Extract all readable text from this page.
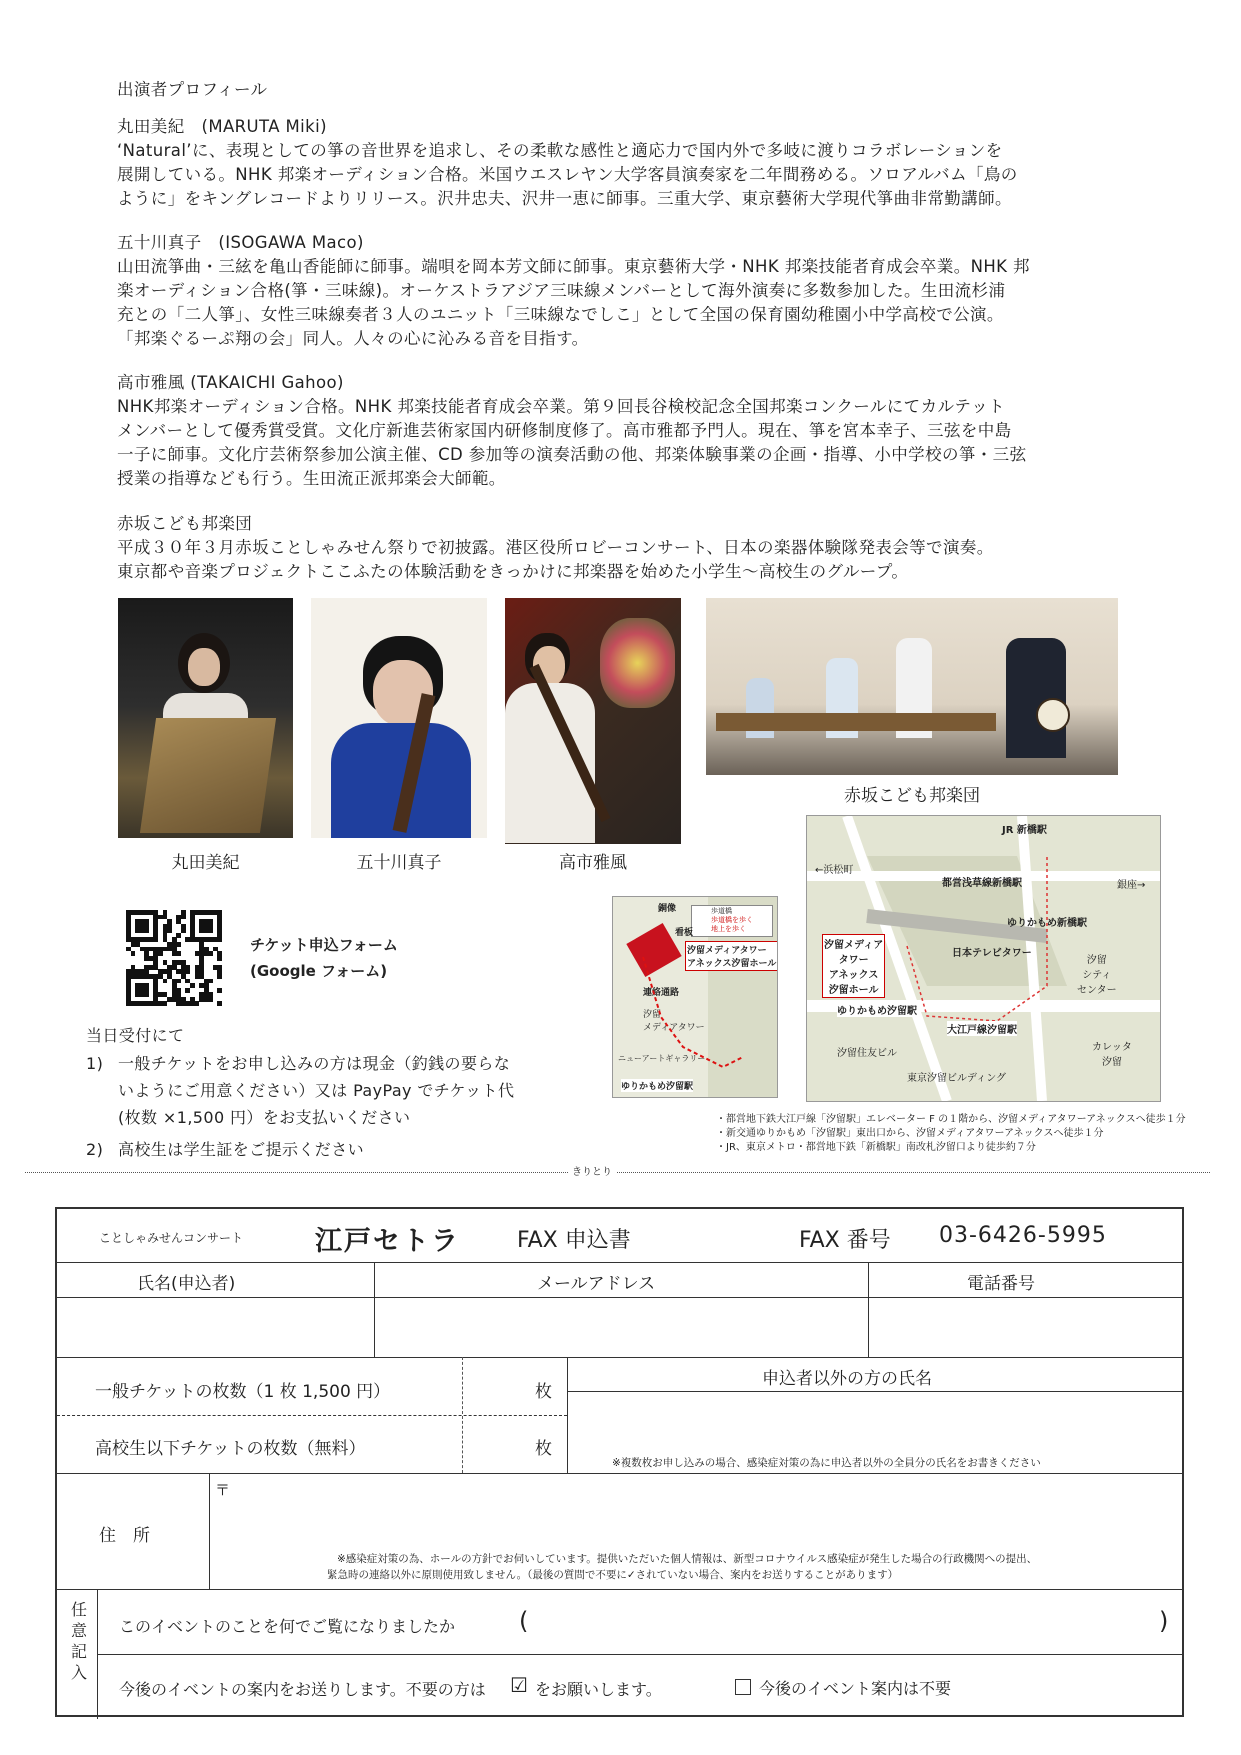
出演者プロフィール
丸田美紀　(MARUTA Miki)
‘Natural’に、表現としての箏の音世界を追求し、その柔軟な感性と適応力で国内外で多岐に渡りコラボレーションを
展開している。NHK 邦楽オーディション合格。米国ウエスレヤン大学客員演奏家を二年間務める。ソロアルバム「鳥の
ように」をキングレコードよりリリース。沢井忠夫、沢井一恵に師事。三重大学、東京藝術大学現代箏曲非常勤講師。
五十川真子　(ISOGAWA Maco)
山田流箏曲・三絃を亀山香能師に師事。端唄を岡本芳文師に師事。東京藝術大学・NHK 邦楽技能者育成会卒業。NHK 邦
楽オーディション合格(箏・三味線)。オーケストラアジア三味線メンバーとして海外演奏に多数参加した。生田流杉浦
充との「二人箏」、女性三味線奏者３人のユニット「三味線なでしこ」として全国の保育園幼稚園小中学高校で公演。
「邦楽ぐるーぷ翔の会」同人。人々の心に沁みる音を目指す。
高市雅風 (TAKAICHI Gahoo)
NHK邦楽オーディション合格。NHK 邦楽技能者育成会卒業。第９回長谷検校記念全国邦楽コンクールにてカルテット
メンバーとして優秀賞受賞。文化庁新進芸術家国内研修制度修了。高市雅都予門人。現在、箏を宮本幸子、三弦を中島
一子に師事。文化庁芸術祭参加公演主催、CD 参加等の演奏活動の他、邦楽体験事業の企画・指導、小中学校の箏・三弦
授業の指導なども行う。生田流正派邦楽会大師範。
赤坂こども邦楽団
平成３０年３月赤坂ことしゃみせん祭りで初披露。港区役所ロビーコンサート、日本の楽器体験隊発表会等で演奏。
東京都や音楽プロジェクトここふたの体験活動をきっかけに邦楽器を始めた小学生～高校生のグループ。
丸田美紀	五十川真子	高市雅風
赤坂こども邦楽団
チケット申込フォーム
(Google フォーム)
当日受付にて
1) 一般チケットをお申し込みの方は現金（釣銭の要らな
いようにご用意ください）又は PayPay でチケット代
(枚数 ×1,500 円）をお支払いください
2) 高校生は学生証をご提示ください
歩道橋
歩道橋を歩く
地上を歩く
銅像
看板
汐留メディアタワー
アネックス汐留ホール
連絡通路
汐留
メディアタワー
ニューアートギャラリー
ゆりかもめ汐留駅
JR 新橋駅
←浜松町
都営浅草線新橋駅	銀座→
ゆりかもめ新橋駅
汐留メディア
タワー
アネックス
汐留ホール
日本テレビタワー
汐留
シティ
センター
ゆりかもめ汐留駅
大江戸線汐留駅
汐留住友ビル
カレッタ
汐留
東京汐留ビルディング
・都営地下鉄大江戸線「汐留駅」エレベーター F の１階から、汐留メディアタワーアネックスへ徒歩１分
・新交通ゆりかもめ「汐留駅」東出口から、汐留メディアタワーアネックスへ徒歩１分
・JR、東京メトロ・都営地下鉄「新橋駅」南改札汐留口より徒歩約７分
きりとり
ことしゃみせんコンサート	江戸セトラ	FAX 申込書	FAX 番号 03-6426-5995
氏名(申込者)	メールアドレス	電話番号
一般チケットの枚数（1 枚 1,500 円）	枚
申込者以外の方の氏名
高校生以下チケットの枚数（無料）	枚
※複数枚お申し込みの場合、感染症対策の為に申込者以外の全員分の氏名をお書きください
住　所
〒
※感染症対策の為、ホールの方針でお伺いしています。提供いただいた個人情報は、新型コロナウイルス感染症が発生した場合の行政機関への提出、
緊急時の連絡以外に原則使用致しません。（最後の質問で不要に✓されていない場合、案内をお送りすることがあります）
任
意
記
入
このイベントのことを何でご覧になりましたか	(	)
今後のイベントの案内をお送りします。不要の方は ☑ をお願いします。	今後のイベント案内は不要
